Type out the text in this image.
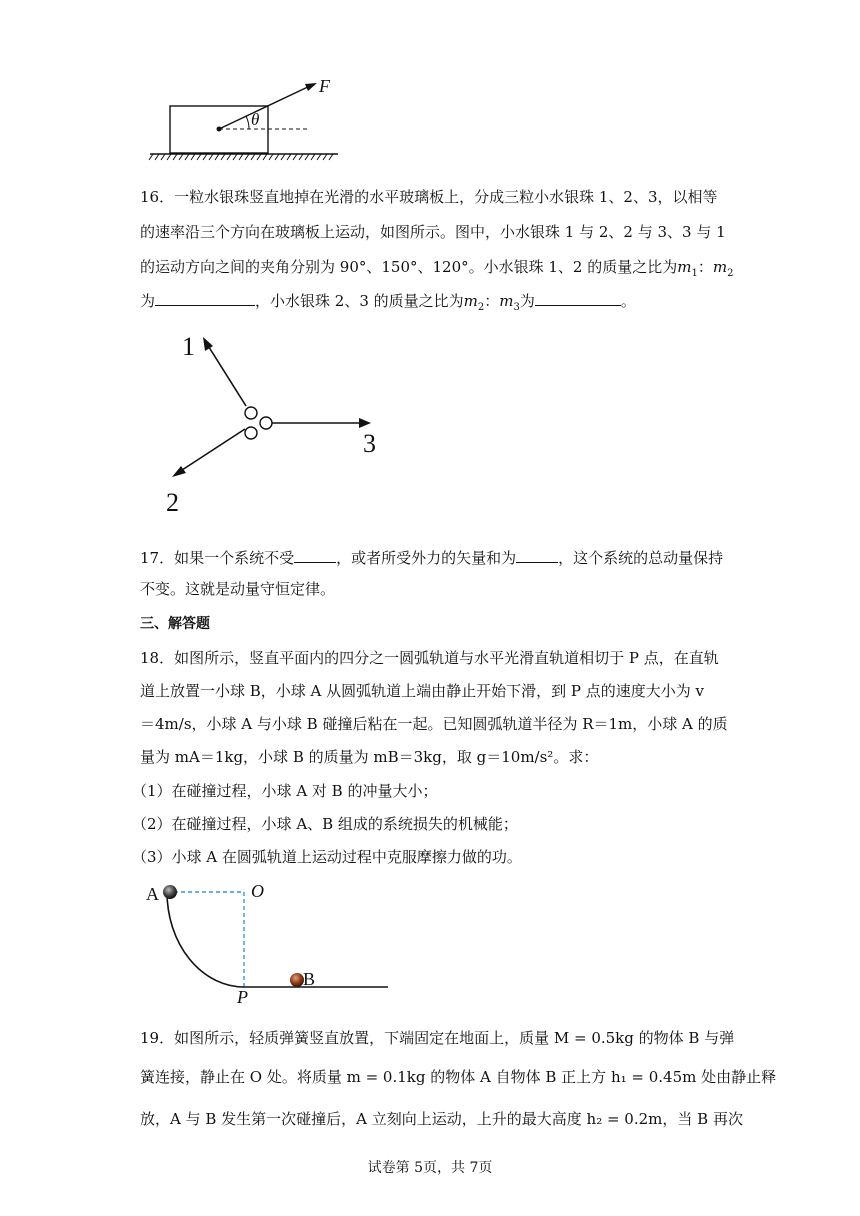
F
θ
16．一粒水银珠竖直地掉在光滑的水平玻璃板上，分成三粒小水银珠 1、2、3，以相等
的速率沿三个方向在玻璃板上运动，如图所示。图中，小水银珠 1 与 2、2 与 3、3 与 1
的运动方向之间的夹角分别为 90°、150°、120°。小水银珠 1、2 的质量之比为$m_1$：$m_2$
为	，小水银珠 2、3 的质量之比为$m_2$：$m_3$为	。
1
2
3
17．如果一个系统不受	，或者所受外力的矢量和为	，这个系统的总动量保持
不变。这就是动量守恒定律。
三、解答题
18．如图所示，竖直平面内的四分之一圆弧轨道与水平光滑直轨道相切于 P 点，在直轨
道上放置一小球 B，小球 A 从圆弧轨道上端由静止开始下滑，到 P 点的速度大小为 v
＝4m/s，小球 A 与小球 B 碰撞后粘在一起。已知圆弧轨道半径为 R＝1m，小球 A 的质
量为 mA＝1kg，小球 B 的质量为 mB＝3kg，取 g＝10m/s²。求：
（1）在碰撞过程，小球 A 对 B 的冲量大小；
（2）在碰撞过程，小球 A、B 组成的系统损失的机械能；
（3）小球 A 在圆弧轨道上运动过程中克服摩擦力做的功。
A	O
B
P
19．如图所示，轻质弹簧竖直放置，下端固定在地面上，质量 M = 0.5kg 的物体 B 与弹
簧连接，静止在 O 处。将质量 m = 0.1kg 的物体 A 自物体 B 正上方 h₁ = 0.45m 处由静止释
放，A 与 B 发生第一次碰撞后，A 立刻向上运动，上升的最大高度 h₂ = 0.2m，当 B 再次
试卷第 5页，共 7页
